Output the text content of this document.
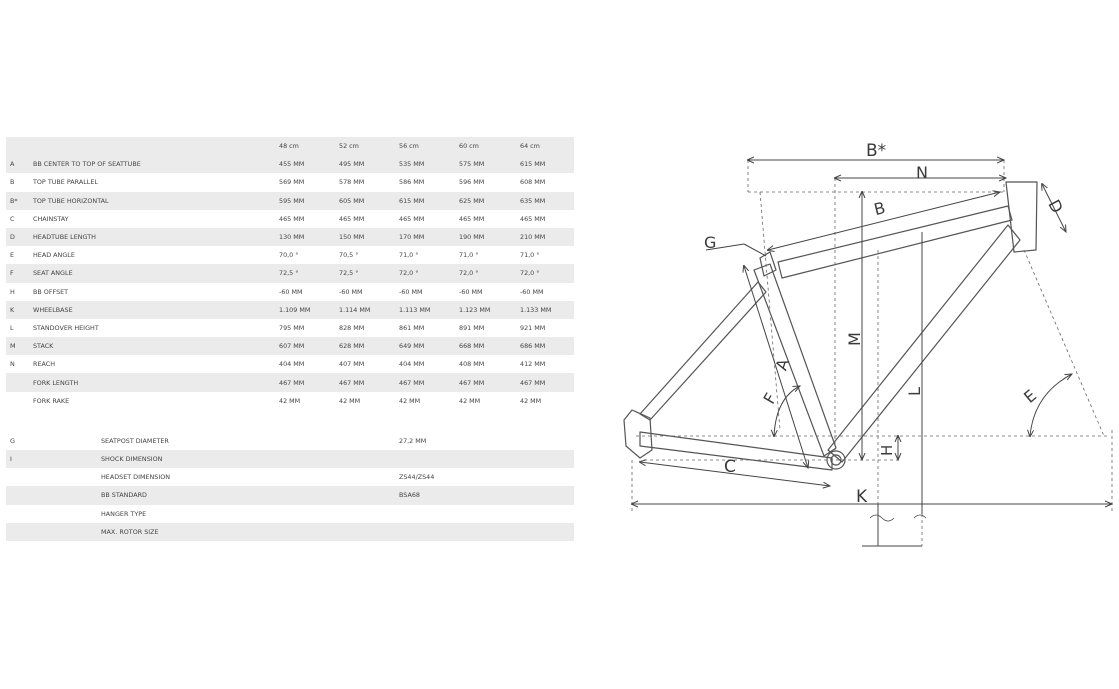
		48 cm	52 cm	56 cm	60 cm	64 cm
A	BB CENTER TO TOP OF SEATTUBE	455 MM	495 MM	535 MM	575 MM	615 MM
B	TOP TUBE PARALLEL	569 MM	578 MM	586 MM	596 MM	608 MM
B*	TOP TUBE HORIZONTAL	595 MM	605 MM	615 MM	625 MM	635 MM
C	CHAINSTAY	465 MM	465 MM	465 MM	465 MM	465 MM
D	HEADTUBE LENGTH	130 MM	150 MM	170 MM	190 MM	210 MM
E	HEAD ANGLE	70,0 °	70,5 °	71,0 °	71,0 °	71,0 °
F	SEAT ANGLE	72,5 °	72,5 °	72,0 °	72,0 °	72,0 °
H	BB OFFSET	-60 MM	-60 MM	-60 MM	-60 MM	-60 MM
K	WHEELBASE	1.109 MM	1.114 MM	1.113 MM	1.123 MM	1.133 MM
L	STANDOVER HEIGHT	795 MM	828 MM	861 MM	891 MM	921 MM
M	STACK	607 MM	628 MM	649 MM	668 MM	686 MM
N	REACH	404 MM	407 MM	404 MM	408 MM	412 MM
	FORK LENGTH	467 MM	467 MM	467 MM	467 MM	467 MM
	FORK RAKE	42 MM	42 MM	42 MM	42 MM	42 MM

G	SEATPOST DIAMETER			27,2 MM		
I	SHOCK DIMENSION					
	HEADSET DIMENSION			ZS44/ZS44		
	BB STANDARD			BSA68		
	HANGER TYPE					
	MAX. ROTOR SIZE					
B*
N
D
G
B
M
A
F	L	E
H
C
K
